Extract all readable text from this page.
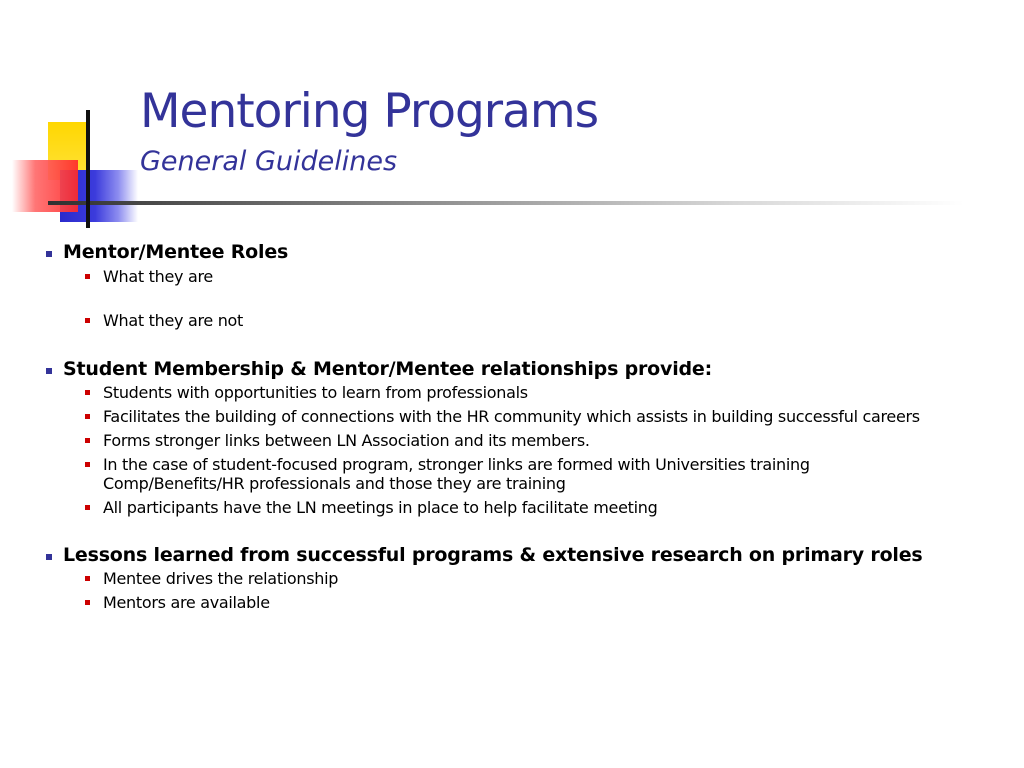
Mentoring Programs
General Guidelines
Mentor/Mentee Roles
What they are
What they are not
Student Membership & Mentor/Mentee relationships provide:
Students with opportunities to learn from professionals
Facilitates the building of connections with the HR community which assists in building successful careers
Forms stronger links between LN Association and its members.
In the case of student-focused program, stronger links are formed with Universities training Comp/Benefits/HR professionals and those they are training
All participants have the LN meetings in place to help facilitate meeting
Lessons learned from successful programs & extensive research on primary roles
Mentee drives the relationship
Mentors are available
